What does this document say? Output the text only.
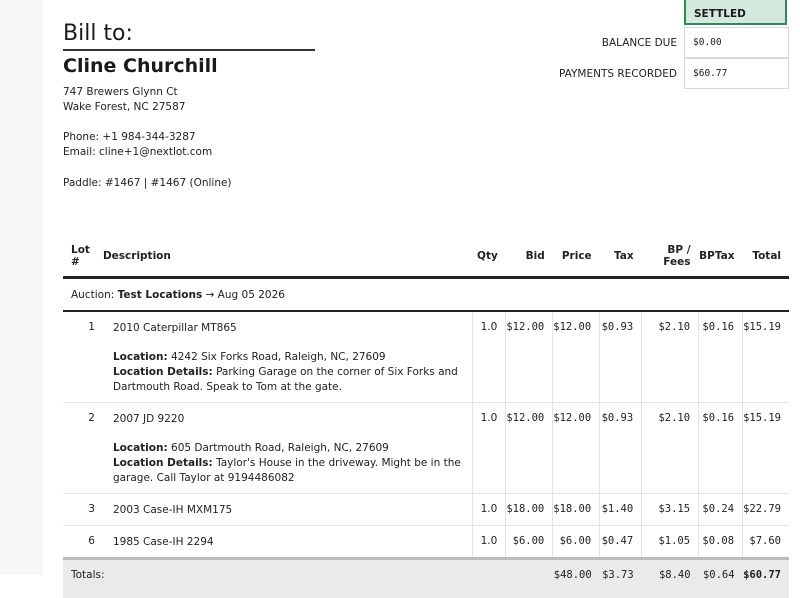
Bill to:
Cline Churchill
747 Brewers Glynn Ct
Wake Forest, NC 27587
Phone: +1 984-344-3287
Email: cline+1@nextlot.com
Paddle: #1467 | #1467 (Online)
SETTLED
BALANCE DUE	$0.00
PAYMENTS RECORDED	$60.77
Lot #	Description	Qty	Bid	Price	Tax	BP / Fees	BPTax	Total
Auction: Test Locations → Aug 05 2026								
1	2010 Caterpillar MT865
Location: 4242 Six Forks Road, Raleigh, NC, 27609
Location Details: Parking Garage on the corner of Six Forks and Dartmouth Road. Speak to Tom at the gate.	1.0	$12.00	$12.00	$0.93	$2.10	$0.16	$15.19
2	2007 JD 9220
Location: 605 Dartmouth Road, Raleigh, NC, 27609
Location Details: Taylor's House in the driveway. Might be in the garage. Call Taylor at 9194486082	1.0	$12.00	$12.00	$0.93	$2.10	$0.16	$15.19
3	2003 Case-IH MXM175	1.0	$18.00	$18.00	$1.40	$3.15	$0.24	$22.79
6	1985 Case-IH 2294	1.0	$6.00	$6.00	$0.47	$1.05	$0.08	$7.60
Totals:				$48.00	$3.73	$8.40	$0.64	$60.77
